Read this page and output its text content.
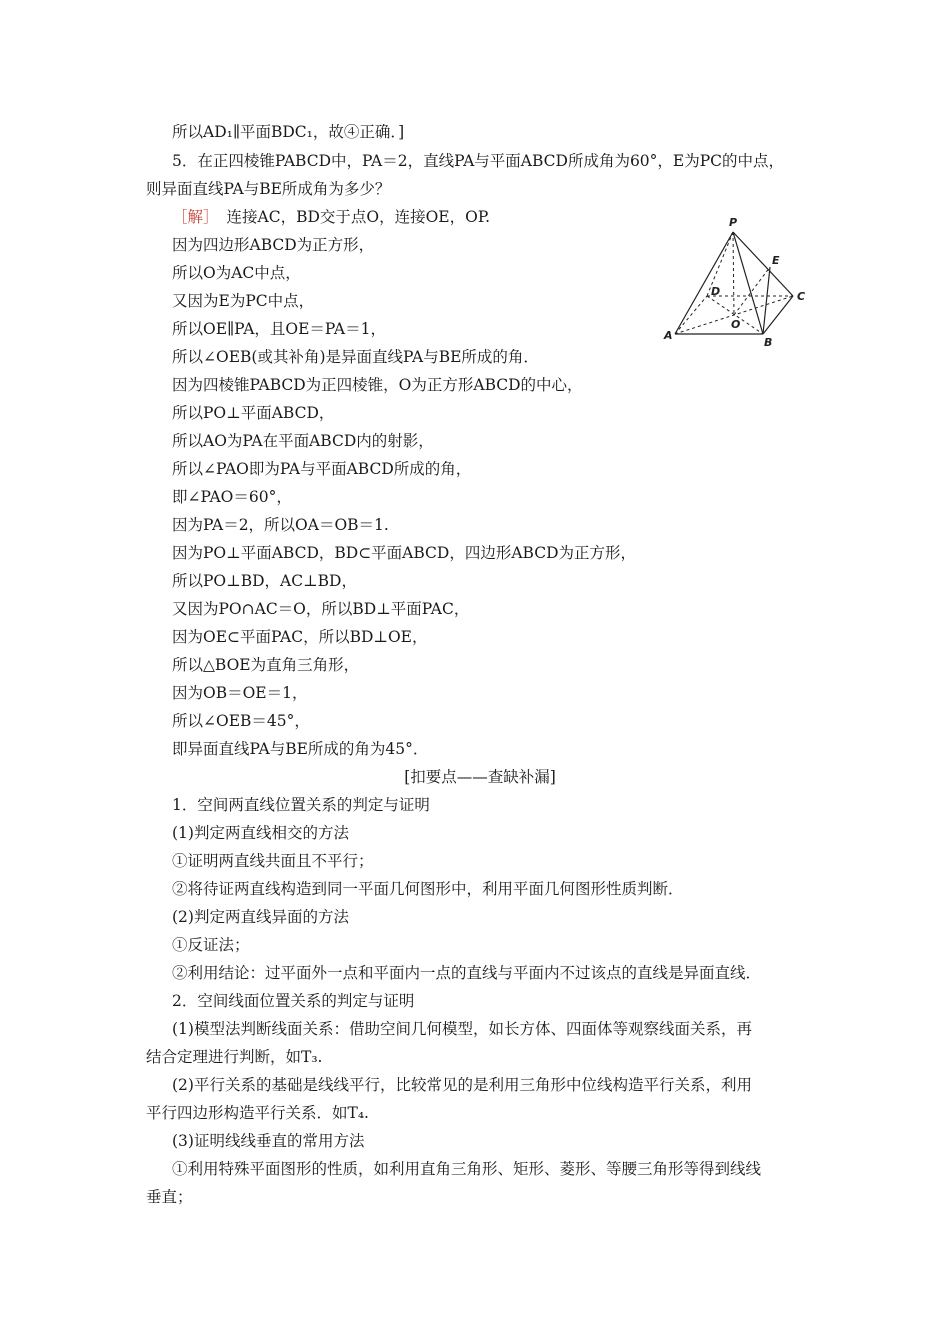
所以AD₁∥平面BDC₁，故④正确．]
5．在正四棱锥PABCD中，PA＝2，直线PA与平面ABCD所成角为60°，E为PC的中点，
则异面直线PA与BE所成角为多少？
［解］ 连接AC，BD交于点O，连接OE，OP.
因为四边形ABCD为正方形，
所以O为AC中点，
又因为E为PC中点，
所以OE∥PA，且OE＝PA＝1，
所以∠OEB(或其补角)是异面直线PA与BE所成的角．
因为四棱锥PABCD为正四棱锥，O为正方形ABCD的中心，
所以PO⊥平面ABCD，
所以AO为PA在平面ABCD内的射影，
所以∠PAO即为PA与平面ABCD所成的角，
即∠PAO＝60°，
因为PA＝2，所以OA＝OB＝1.
因为PO⊥平面ABCD，BD⊂平面ABCD，四边形ABCD为正方形，
所以PO⊥BD，AC⊥BD，
又因为PO∩AC＝O，所以BD⊥平面PAC，
因为OE⊂平面PAC，所以BD⊥OE，
所以△BOE为直角三角形，
因为OB＝OE＝1，
所以∠OEB＝45°，
即异面直线PA与BE所成的角为45°．
[扣要点——查缺补漏]
1．空间两直线位置关系的判定与证明
(1)判定两直线相交的方法
①证明两直线共面且不平行；
②将待证两直线构造到同一平面几何图形中，利用平面几何图形性质判断．
(2)判定两直线异面的方法
①反证法；
②利用结论：过平面外一点和平面内一点的直线与平面内不过该点的直线是异面直线．
2．空间线面位置关系的判定与证明
(1)模型法判断线面关系：借助空间几何模型，如长方体、四面体等观察线面关系，再
结合定理进行判断，如T₃.
(2)平行关系的基础是线线平行，比较常见的是利用三角形中位线构造平行关系，利用
平行四边形构造平行关系．如T₄.
(3)证明线线垂直的常用方法
①利用特殊平面图形的性质，如利用直角三角形、矩形、菱形、等腰三角形等得到线线
垂直；
P
E
D	C
O
A
B
